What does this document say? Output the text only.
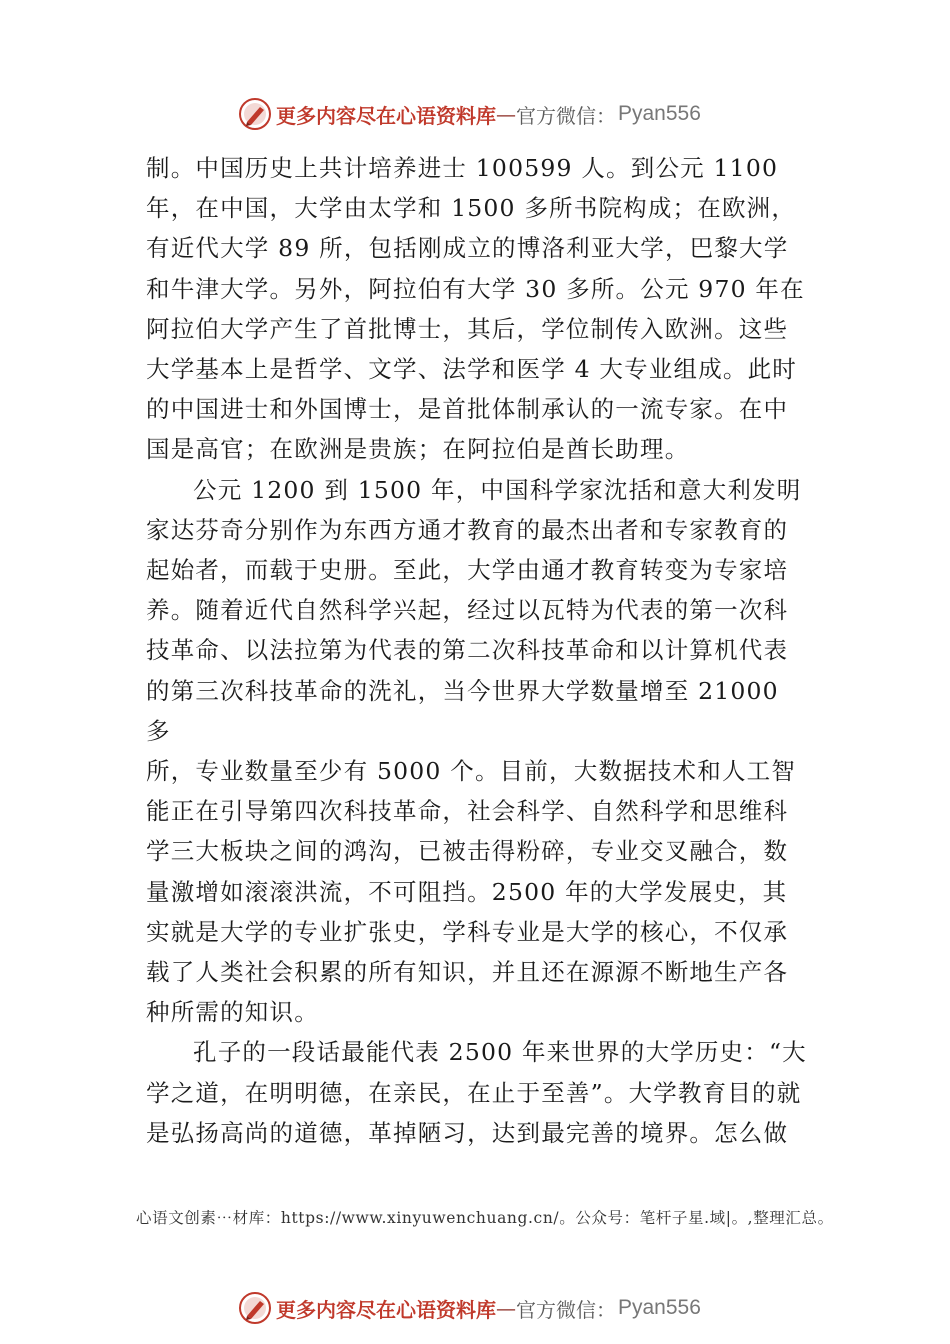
更多内容尽在心语资料库 — 官方微信： Pyan556

制。中国历史上共计培养进士 100599 人。到公元 1100 年，在中国，大学由太学和 1500 多所书院构成；在欧洲，有近代大学 89 所，包括刚成立的博洛利亚大学，巴黎大学和牛津大学。另外，阿拉伯有大学 30 多所。公元 970 年在阿拉伯大学产生了首批博士，其后，学位制传入欧洲。这些大学基本上是哲学、文学、法学和医学 4 大专业组成。此时的中国进士和外国博士，是首批体制承认的一流专家。在中国是高官；在欧洲是贵族；在阿拉伯是酋长助理。

公元 1200 到 1500 年，中国科学家沈括和意大利发明家达芬奇分别作为东西方通才教育的最杰出者和专家教育的起始者，而载于史册。至此，大学由通才教育转变为专家培养。随着近代自然科学兴起，经过以瓦特为代表的第一次科技革命、以法拉第为代表的第二次科技革命和以计算机代表的第三次科技革命的洗礼，当今世界大学数量增至 21000 多

所，专业数量至少有 5000 个。目前，大数据技术和人工智能正在引导第四次科技革命，社会科学、自然科学和思维科学三大板块之间的鸿沟，已被击得粉碎，专业交叉融合，数量激增如滚滚洪流，不可阻挡。2500 年的大学发展史，其实就是大学的专业扩张史，学科专业是大学的核心，不仅承载了人类社会积累的所有知识，并且还在源源不断地生产各种所需的知识。

孔子的一段话最能代表 2500 年来世界的大学历史：“大学之道，在明明德，在亲民，在止于至善”。大学教育目的就是弘扬高尚的道德，革掉陋习，达到最完善的境界。怎么做

心语文创素⋯材库：https://www.xinyuwenchuang.cn/。公众号：笔杆子星.域|。,整理汇总。
更多内容尽在心语资料库 — 官方微信： Pyan556
